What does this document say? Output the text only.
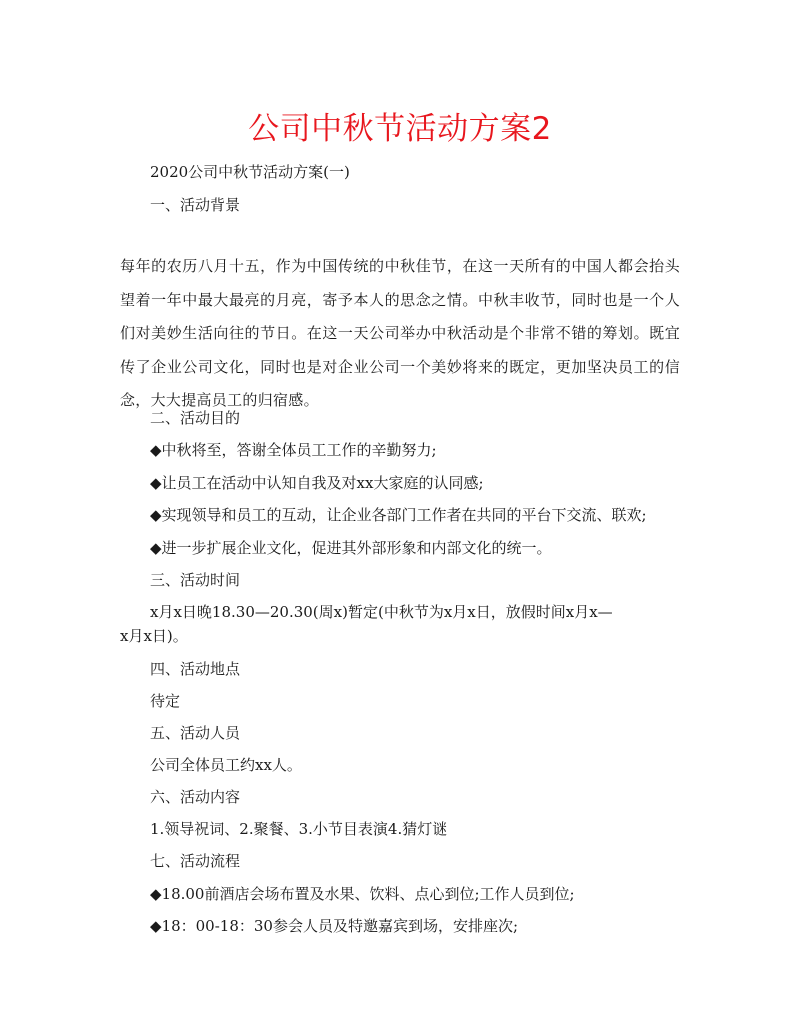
公司中秋节活动方案2
2020公司中秋节活动方案(一)
一、活动背景
每年的农历八月十五，作为中国传统的中秋佳节，在这一天所有的中国人都会抬头望着一年中最大最亮的月亮，寄予本人的思念之情。中秋丰收节，同时也是一个人们对美妙生活向往的节日。在这一天公司举办中秋活动是个非常不错的筹划。既宜传了企业公司文化，同时也是对企业公司一个美妙将来的既定，更加坚决员工的信念，大大提高员工的归宿感。
二、活动目的
◆中秋将至，答谢全体员工工作的辛勤努力;
◆让员工在活动中认知自我及对xx大家庭的认同感;
◆实现领导和员工的互动，让企业各部门工作者在共同的平台下交流、联欢;
◆进一步扩展企业文化，促进其外部形象和内部文化的统一。
三、活动时间
x月x日晚18.30—20.30(周x)暂定(中秋节为x月x日，放假时间x月x—
x月x日)。
四、活动地点
待定
五、活动人员
公司全体员工约xx人。
六、活动内容
1.领导祝词、2.聚餐、3.小节目表演4.猜灯谜
七、活动流程
◆18.00前酒店会场布置及水果、饮料、点心到位;工作人员到位;
◆18：00-18：30参会人员及特邀嘉宾到场，安排座次;
